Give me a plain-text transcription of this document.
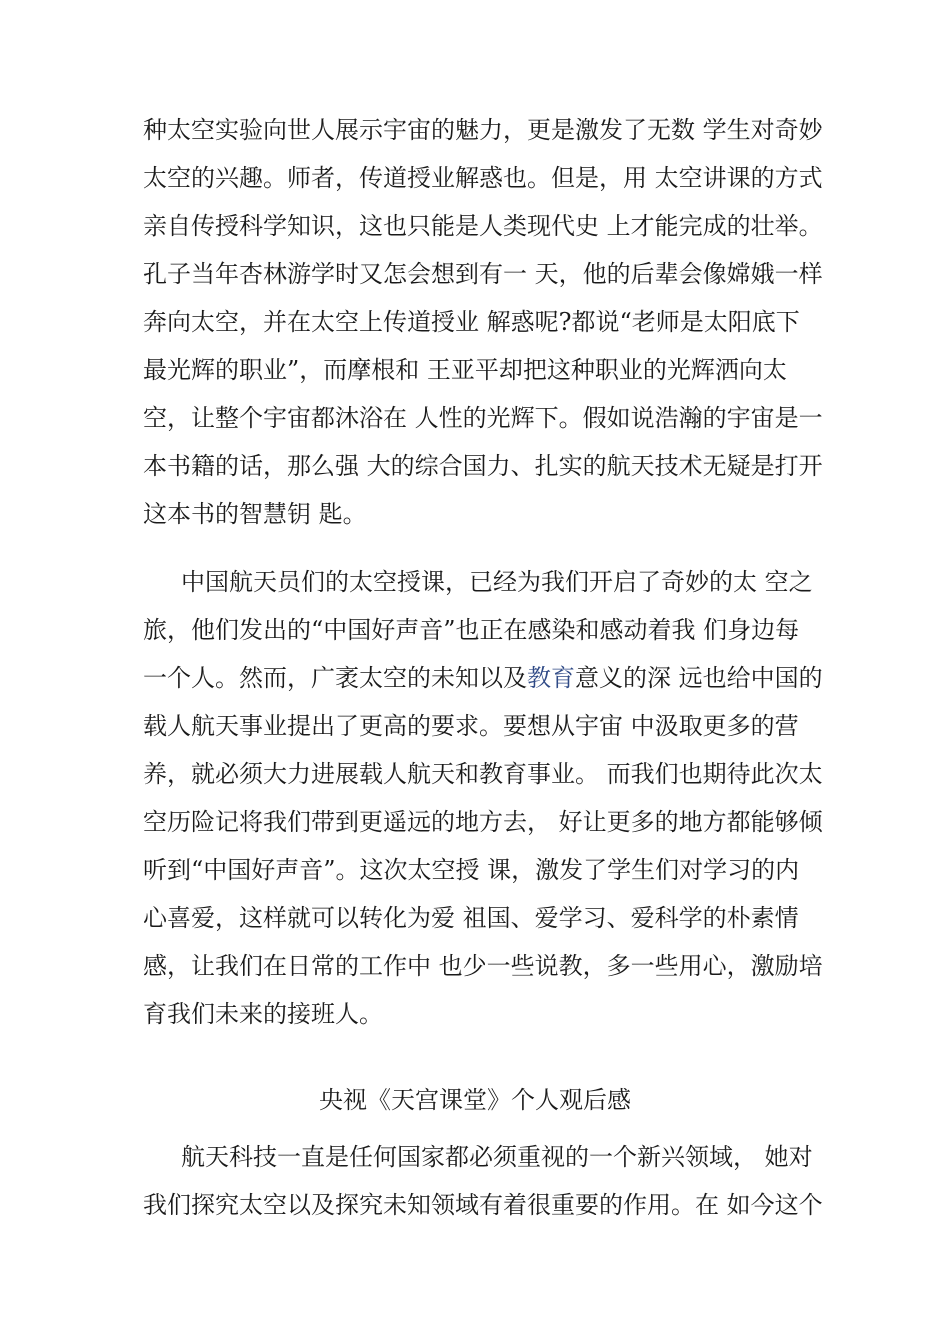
种太空实验向世人展示宇宙的魅力，更是激发了无数 学生对奇妙
太空的兴趣。师者，传道授业解惑也。但是，用 太空讲课的方式
亲自传授科学知识，这也只能是人类现代史 上才能完成的壮举。
孔子当年杏林游学时又怎会想到有一 天，他的后辈会像嫦娥一样
奔向太空，并在太空上传道授业 解惑呢?都说“老师是太阳底下
最光辉的职业”，而摩根和 王亚平却把这种职业的光辉洒向太
空，让整个宇宙都沐浴在 人性的光辉下。假如说浩瀚的宇宙是一
本书籍的话，那么强 大的综合国力、扎实的航天技术无疑是打开
这本书的智慧钥 匙。
中国航天员们的太空授课，已经为我们开启了奇妙的太 空之
旅，他们发出的“中国好声音”也正在感染和感动着我 们身边每
一个人。然而，广袤太空的未知以及教育意义的深 远也给中国的
载人航天事业提出了更高的要求。要想从宇宙 中汲取更多的营
养，就必须大力进展载人航天和教育事业。 而我们也期待此次太
空历险记将我们带到更遥远的地方去， 好让更多的地方都能够倾
听到“中国好声音”。这次太空授 课，激发了学生们对学习的内
心喜爱，这样就可以转化为爱 祖国、爱学习、爱科学的朴素情
感，让我们在日常的工作中 也少一些说教，多一些用心，激励培
育我们未来的接班人。
央视《天宫课堂》个人观后感
航天科技一直是任何国家都必须重视的一个新兴领域， 她对
我们探究太空以及探究未知领域有着很重要的作用。在 如今这个
